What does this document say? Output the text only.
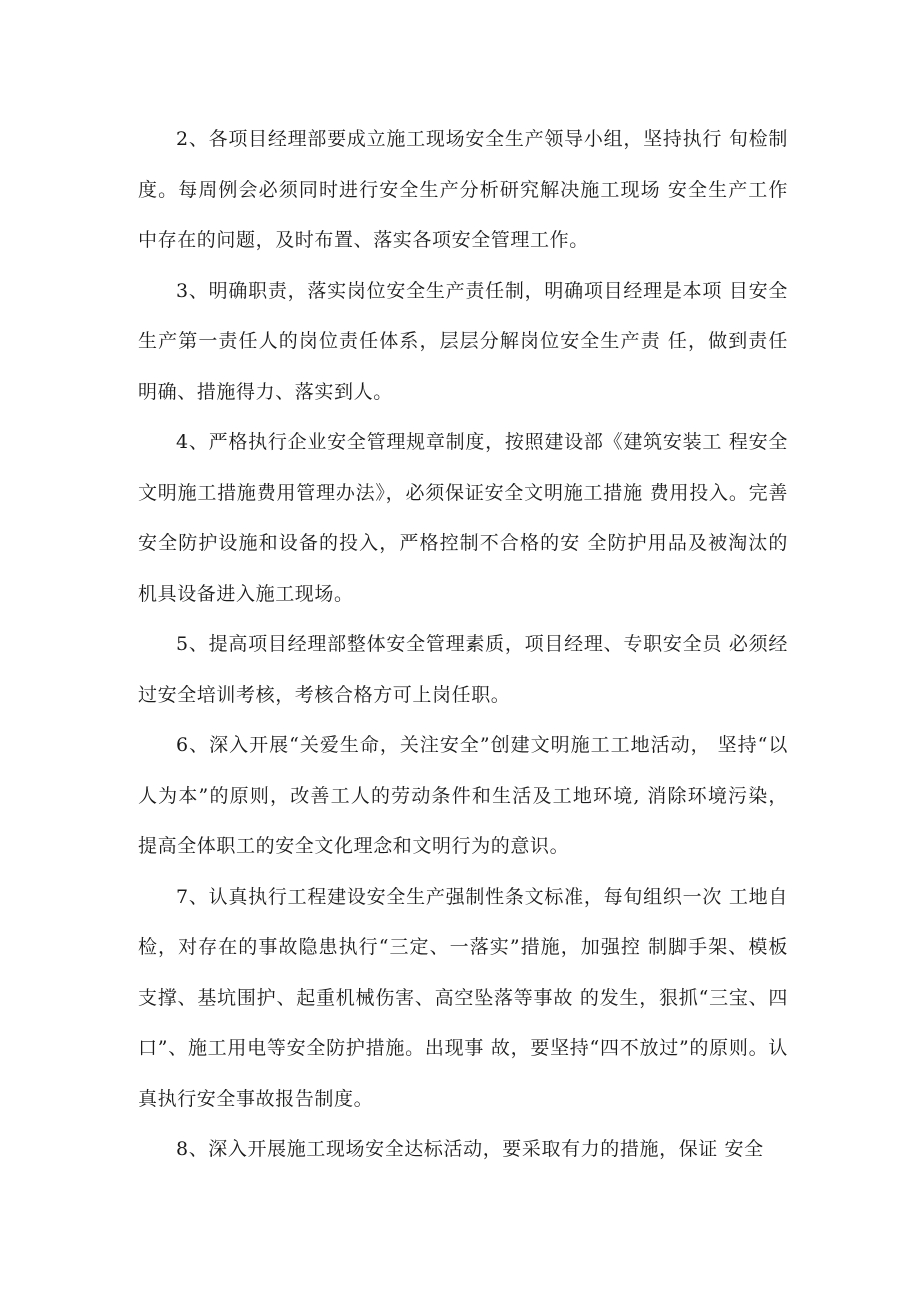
2、各项目经理部要成立施工现场安全生产领导小组，坚持执行 旬检制度。每周例会必须同时进行安全生产分析研究解决施工现场 安全生产工作中存在的问题，及时布置、落实各项安全管理工作。

3、明确职责，落实岗位安全生产责任制，明确项目经理是本项 目安全生产第一责任人的岗位责任体系，层层分解岗位安全生产责 任，做到责任明确、措施得力、落实到人。

4、严格执行企业安全管理规章制度，按照建设部《建筑安装工 程安全文明施工措施费用管理办法》，必须保证安全文明施工措施 费用投入。完善安全防护设施和设备的投入，严格控制不合格的安 全防护用品及被淘汰的机具设备进入施工现场。

5、提高项目经理部整体安全管理素质，项目经理、专职安全员 必须经过安全培训考核，考核合格方可上岗任职。

6、深入开展“关爱生命，关注安全”创建文明施工工地活动， 坚持“以人为本”的原则，改善工人的劳动条件和生活及工地环境, 消除环境污染，提高全体职工的安全文化理念和文明行为的意识。

7、认真执行工程建设安全生产强制性条文标准，每旬组织一次 工地自检，对存在的事故隐患执行“三定、一落实”措施，加强控 制脚手架、模板支撑、基坑围护、起重机械伤害、高空坠落等事故 的发生，狠抓“三宝、四口”、施工用电等安全防护措施。出现事 故，要坚持“四不放过”的原则。认真执行安全事故报告制度。

8、深入开展施工现场安全达标活动，要采取有力的措施，保证 安全
